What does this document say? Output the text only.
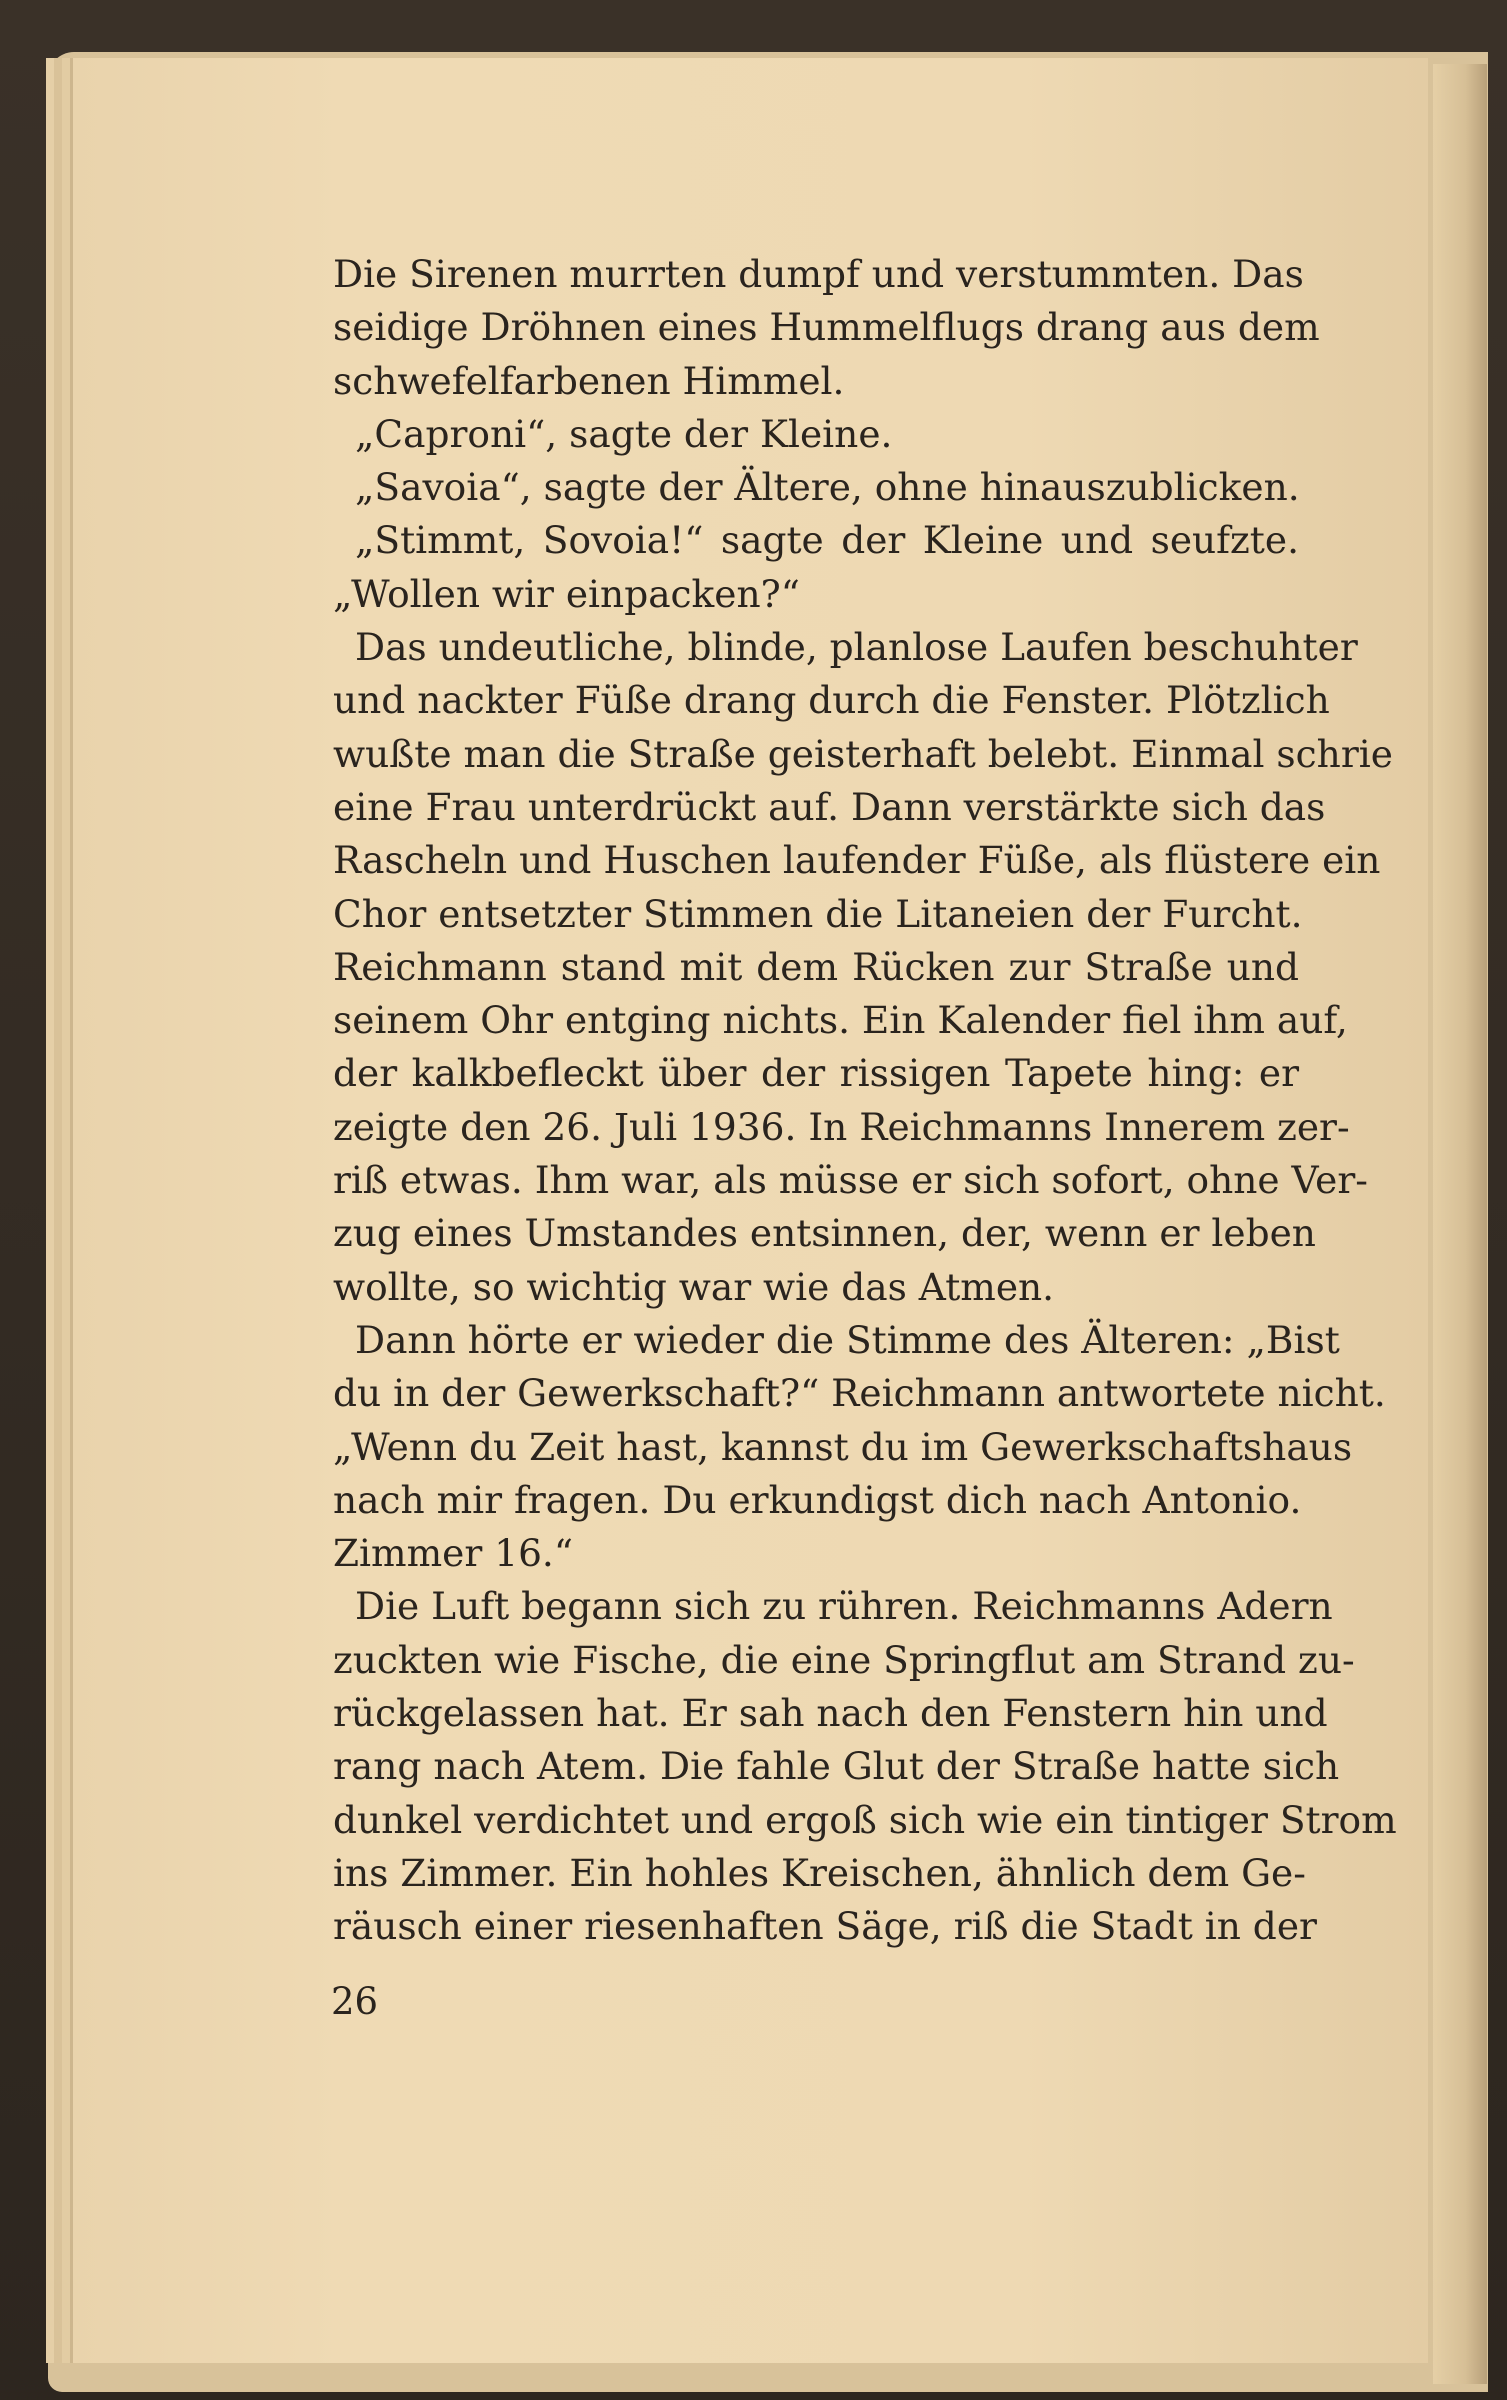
Die Sirenen murrten dumpf und verstummten. Das
seidige Dröhnen eines Hummelflugs drang aus dem
schwefelfarbenen Himmel.
„Caproni“, sagte der Kleine.
„Savoia“, sagte der Ältere, ohne hinauszublicken.
„Stimmt, Sovoia!“ sagte der Kleine und seufzte.
„Wollen wir einpacken?“
Das undeutliche, blinde, planlose Laufen beschuhter
und nackter Füße drang durch die Fenster. Plötzlich
wußte man die Straße geisterhaft belebt. Einmal schrie
eine Frau unterdrückt auf. Dann verstärkte sich das
Rascheln und Huschen laufender Füße, als flüstere ein
Chor entsetzter Stimmen die Litaneien der Furcht.
Reichmann stand mit dem Rücken zur Straße und
seinem Ohr entging nichts. Ein Kalender fiel ihm auf,
der kalkbefleckt über der rissigen Tapete hing: er
zeigte den 26. Juli 1936. In Reichmanns Innerem zer-
riß etwas. Ihm war, als müsse er sich sofort, ohne Ver-
zug eines Umstandes entsinnen, der, wenn er leben
wollte, so wichtig war wie das Atmen.
Dann hörte er wieder die Stimme des Älteren: „Bist
du in der Gewerkschaft?“ Reichmann antwortete nicht.
„Wenn du Zeit hast, kannst du im Gewerkschaftshaus
nach mir fragen. Du erkundigst dich nach Antonio.
Zimmer 16.“
Die Luft begann sich zu rühren. Reichmanns Adern
zuckten wie Fische, die eine Springflut am Strand zu-
rückgelassen hat. Er sah nach den Fenstern hin und
rang nach Atem. Die fahle Glut der Straße hatte sich
dunkel verdichtet und ergoß sich wie ein tintiger Strom
ins Zimmer. Ein hohles Kreischen, ähnlich dem Ge-
räusch einer riesenhaften Säge, riß die Stadt in der
26
